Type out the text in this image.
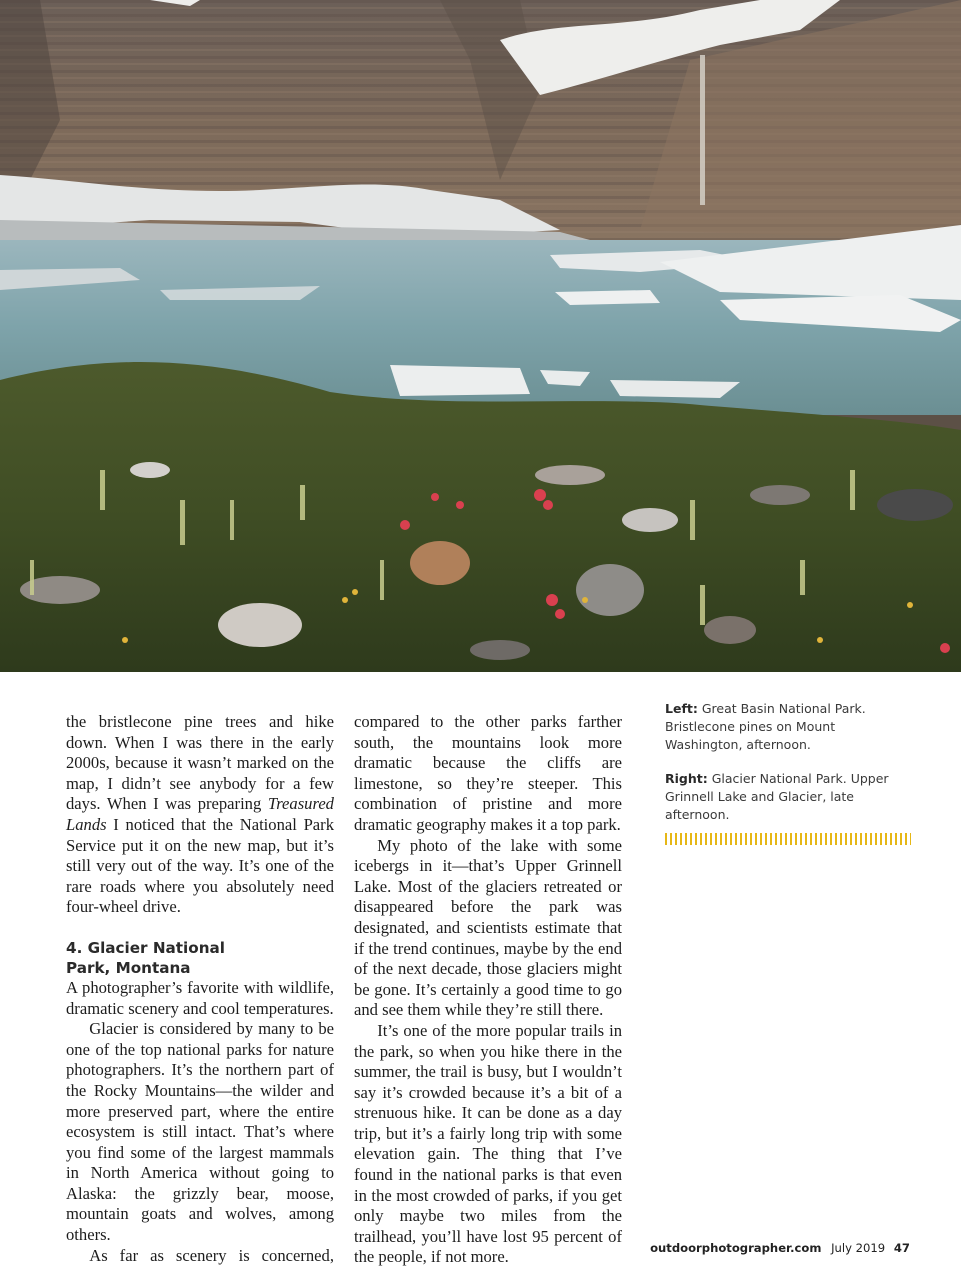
the bristlecone pine trees and hike down. When I was there in the early 2000s, because it wasn’t marked on the map, I didn’t see anybody for a few days. When I was preparing Treasured Lands I noticed that the National Park Service put it on the new map, but it’s still very out of the way. It’s one of the rare roads where you absolutely need four-wheel drive.

4. Glacier National
Park, Montana

A photographer’s favorite with wildlife, dramatic scenery and cool temperatures.

Glacier is considered by many to be one of the top national parks for nature photographers. It’s the northern part of the Rocky Mountains—the wilder and more preserved part, where the entire ecosystem is still intact. That’s where you find some of the largest mammals in North America without going to Alaska: the grizzly bear, moose, mountain goats and wolves, among others.

As far as scenery is concerned,

compared to the other parks farther south, the mountains look more dramatic because the cliffs are limestone, so they’re steeper. This combination of pristine and more dramatic geography makes it a top park.

My photo of the lake with some icebergs in it—that’s Upper Grinnell Lake. Most of the glaciers retreated or disappeared before the park was designated, and scientists estimate that if the trend continues, maybe by the end of the next decade, those glaciers might be gone. It’s certainly a good time to go and see them while they’re still there.

It’s one of the more popular trails in the park, so when you hike there in the summer, the trail is busy, but I wouldn’t say it’s crowded because it’s a bit of a strenuous hike. It can be done as a day trip, but it’s a fairly long trip with some elevation gain. The thing that I’ve found in the national parks is that even in the most crowded of parks, if you get only maybe two miles from the trailhead, you’ll have lost 95 percent of the people, if not more.

Left: Great Basin National Park. Bristlecone pines on Mount Washington, afternoon.

Right: Glacier National Park. Upper Grinnell Lake and Glacier, late afternoon.

outdoorphotographer.com July 2019 47
